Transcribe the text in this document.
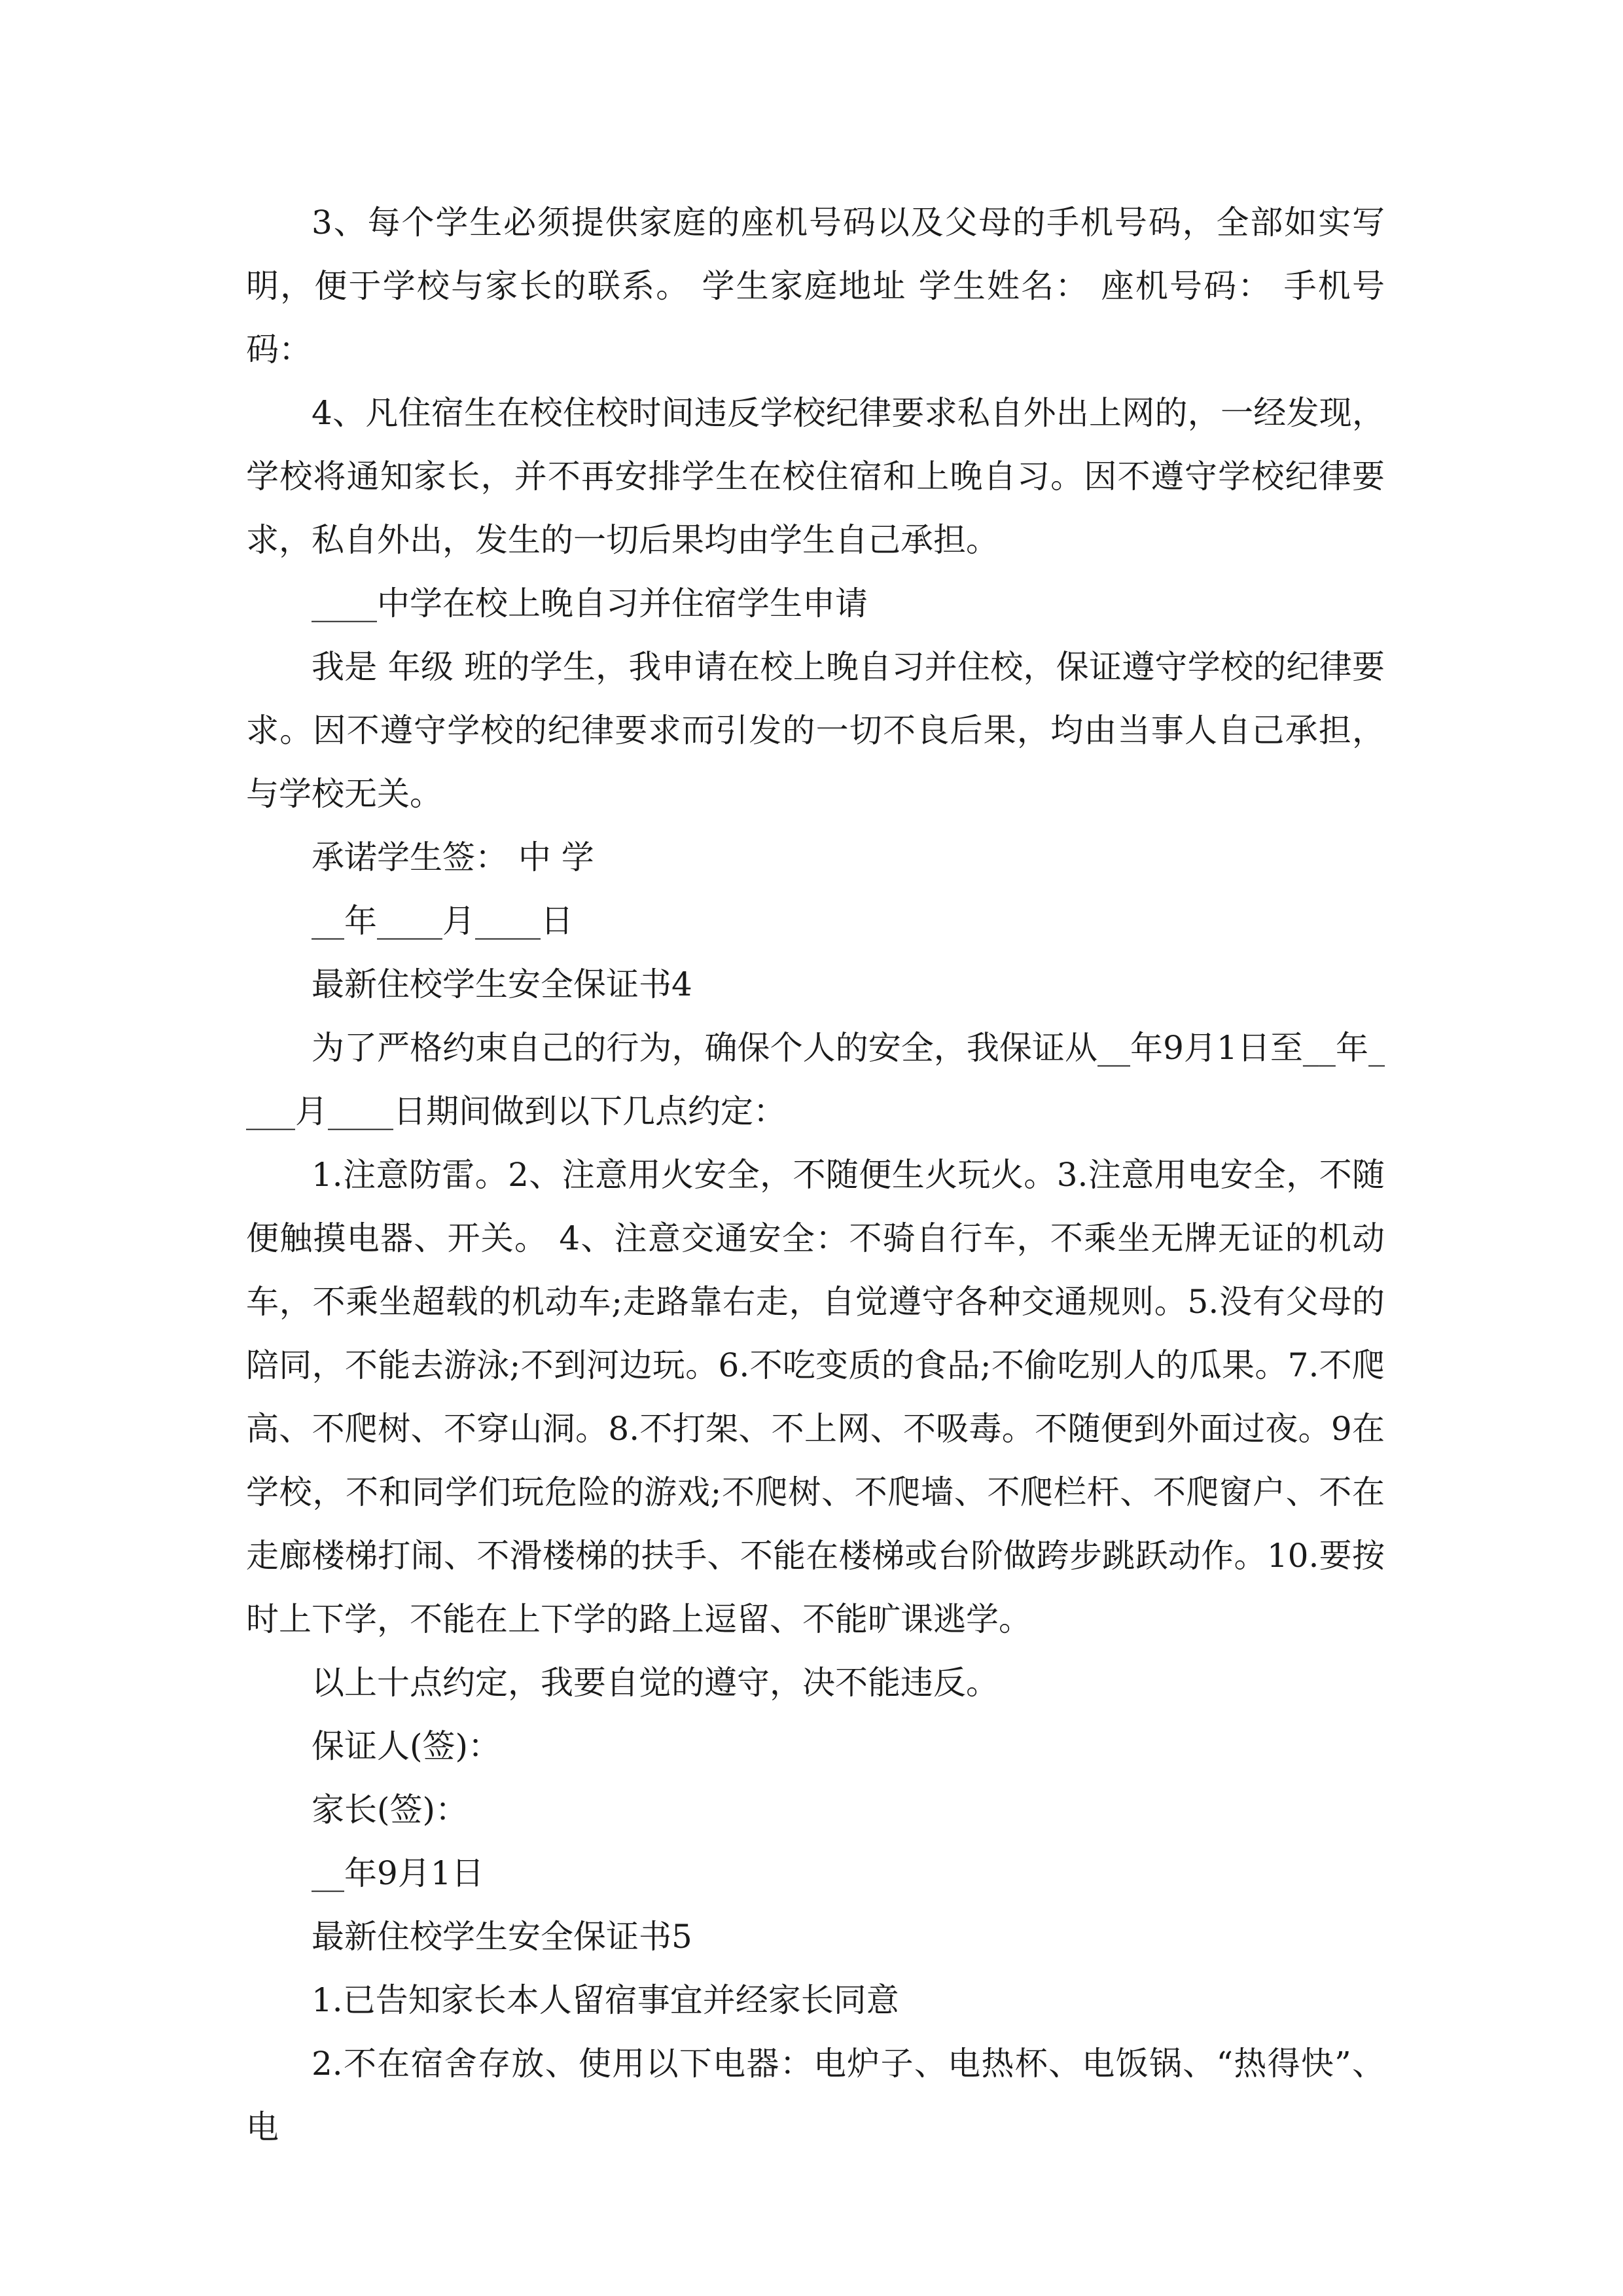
3、每个学生必须提供家庭的座机号码以及父母的手机号码，全部如实写明，便于学校与家长的联系。 学生家庭地址 学生姓名： 座机号码： 手机号码：

4、凡住宿生在校住校时间违反学校纪律要求私自外出上网的，一经发现，学校将通知家长，并不再安排学生在校住宿和上晚自习。因不遵守学校纪律要求，私自外出，发生的一切后果均由学生自己承担。

____中学在校上晚自习并住宿学生申请

我是 年级 班的学生，我申请在校上晚自习并住校，保证遵守学校的纪律要求。因不遵守学校的纪律要求而引发的一切不良后果，均由当事人自己承担，与学校无关。

承诺学生签： 中 学

__年____月____日

最新住校学生安全保证书4

为了严格约束自己的行为，确保个人的安全，我保证从__年9月1日至__年____月____日期间做到以下几点约定：

1.注意防雷。2、注意用火安全，不随便生火玩火。3.注意用电安全，不随便触摸电器、开关。 4、注意交通安全：不骑自行车，不乘坐无牌无证的机动车，不乘坐超载的机动车;走路靠右走，自觉遵守各种交通规则。5.没有父母的陪同，不能去游泳;不到河边玩。6.不吃变质的食品;不偷吃别人的瓜果。7.不爬高、不爬树、不穿山洞。8.不打架、不上网、不吸毒。不随便到外面过夜。9在学校，不和同学们玩危险的游戏;不爬树、不爬墙、不爬栏杆、不爬窗户、不在走廊楼梯打闹、不滑楼梯的扶手、不能在楼梯或台阶做跨步跳跃动作。10.要按时上下学，不能在上下学的路上逗留、不能旷课逃学。

以上十点约定，我要自觉的遵守，决不能违反。

保证人(签)：

家长(签)：

__年9月1日

最新住校学生安全保证书5

1.已告知家长本人留宿事宜并经家长同意

2.不在宿舍存放、使用以下电器：电炉子、电热杯、电饭锅、“热得快”、电
